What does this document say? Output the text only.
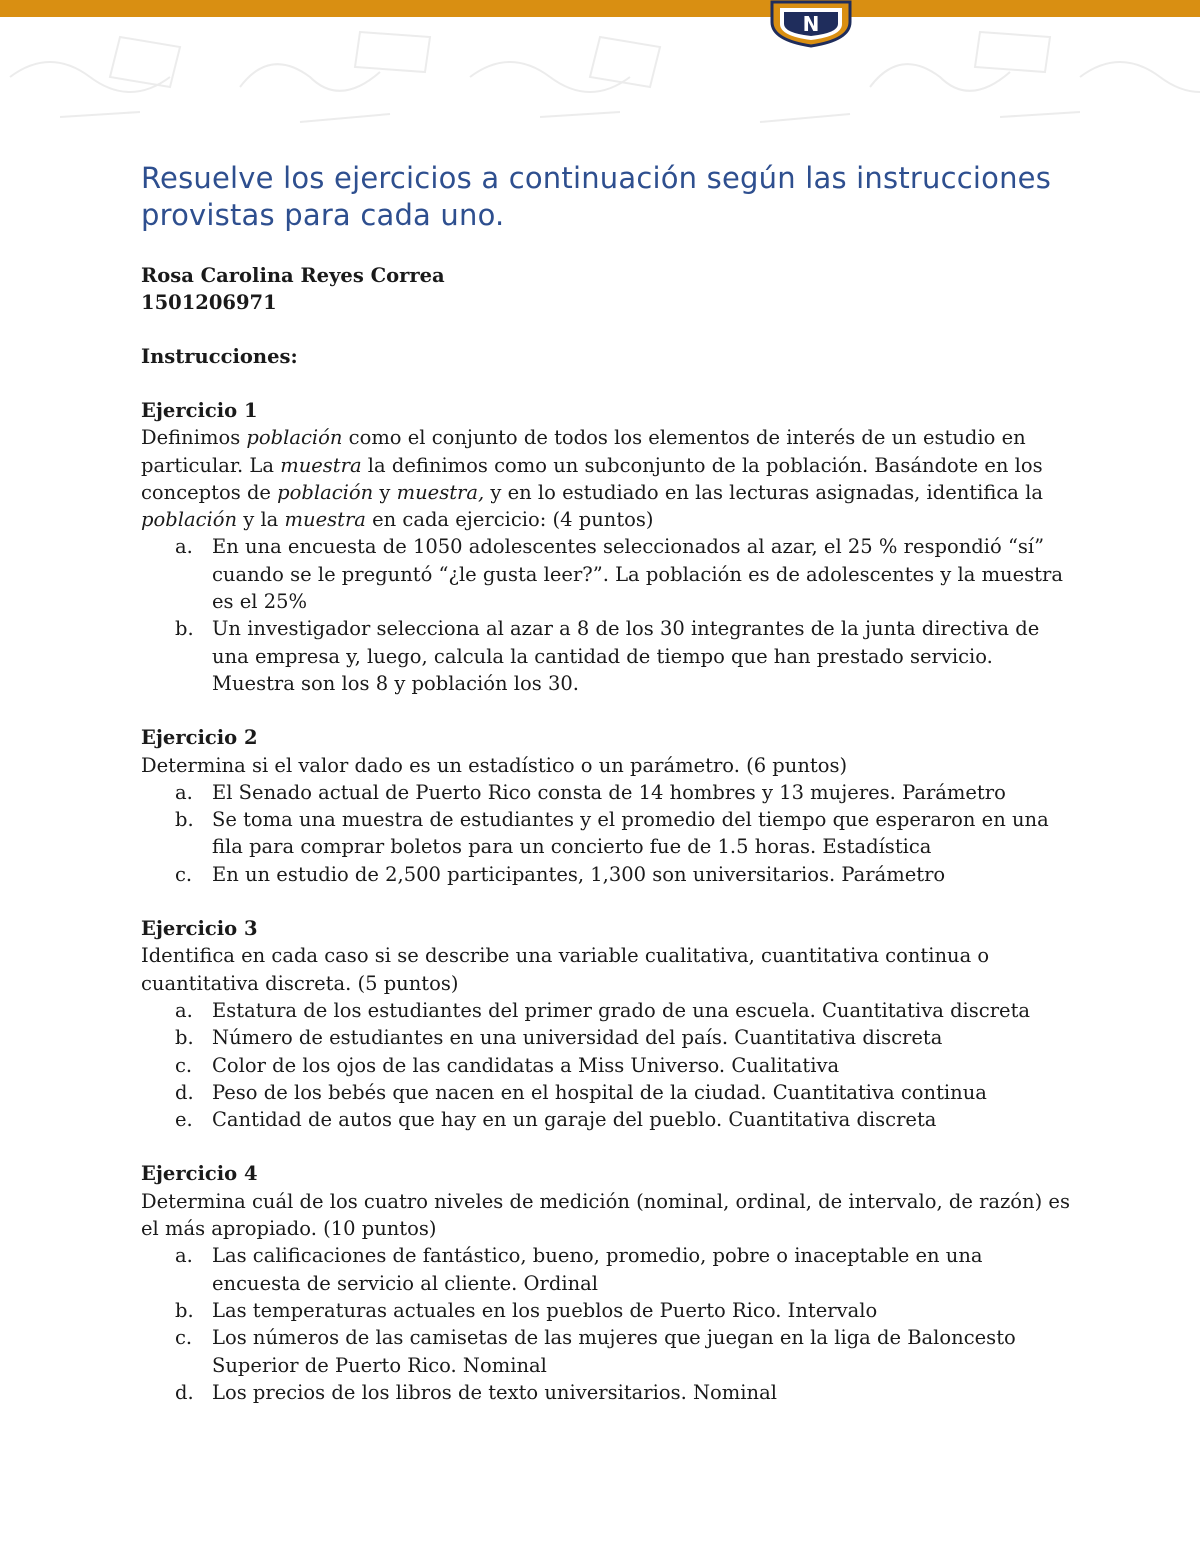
N
Resuelve los ejercicios a continuación según las instrucciones provistas para cada uno.
Rosa Carolina Reyes Correa
1501206971
Instrucciones:
Ejercicio 1
Definimos población como el conjunto de todos los elementos de interés de un estudio en particular. La muestra la definimos como un subconjunto de la población. Basándote en los conceptos de población y muestra, y en lo estudiado en las lecturas asignadas, identifica la población y la muestra en cada ejercicio: (4 puntos)
a. En una encuesta de 1050 adolescentes seleccionados al azar, el 25 % respondió “sí” cuando se le preguntó “¿le gusta leer?”. La población es de adolescentes y la muestra es el 25%
b. Un investigador selecciona al azar a 8 de los 30 integrantes de la junta directiva de una empresa y, luego, calcula la cantidad de tiempo que han prestado servicio. Muestra son los 8 y población los 30.
Ejercicio 2
Determina si el valor dado es un estadístico o un parámetro. (6 puntos)
a. El Senado actual de Puerto Rico consta de 14 hombres y 13 mujeres. Parámetro
b. Se toma una muestra de estudiantes y el promedio del tiempo que esperaron en una fila para comprar boletos para un concierto fue de 1.5 horas. Estadística
c. En un estudio de 2,500 participantes, 1,300 son universitarios. Parámetro
Ejercicio 3
Identifica en cada caso si se describe una variable cualitativa, cuantitativa continua o cuantitativa discreta. (5 puntos)
a. Estatura de los estudiantes del primer grado de una escuela. Cuantitativa discreta
b. Número de estudiantes en una universidad del país. Cuantitativa discreta
c. Color de los ojos de las candidatas a Miss Universo. Cualitativa
d. Peso de los bebés que nacen en el hospital de la ciudad. Cuantitativa continua
e. Cantidad de autos que hay en un garaje del pueblo. Cuantitativa discreta
Ejercicio 4
Determina cuál de los cuatro niveles de medición (nominal, ordinal, de intervalo, de razón) es el más apropiado. (10 puntos)
a. Las calificaciones de fantástico, bueno, promedio, pobre o inaceptable en una encuesta de servicio al cliente. Ordinal
b. Las temperaturas actuales en los pueblos de Puerto Rico. Intervalo
c. Los números de las camisetas de las mujeres que juegan en la liga de Baloncesto Superior de Puerto Rico. Nominal
d. Los precios de los libros de texto universitarios. Nominal
